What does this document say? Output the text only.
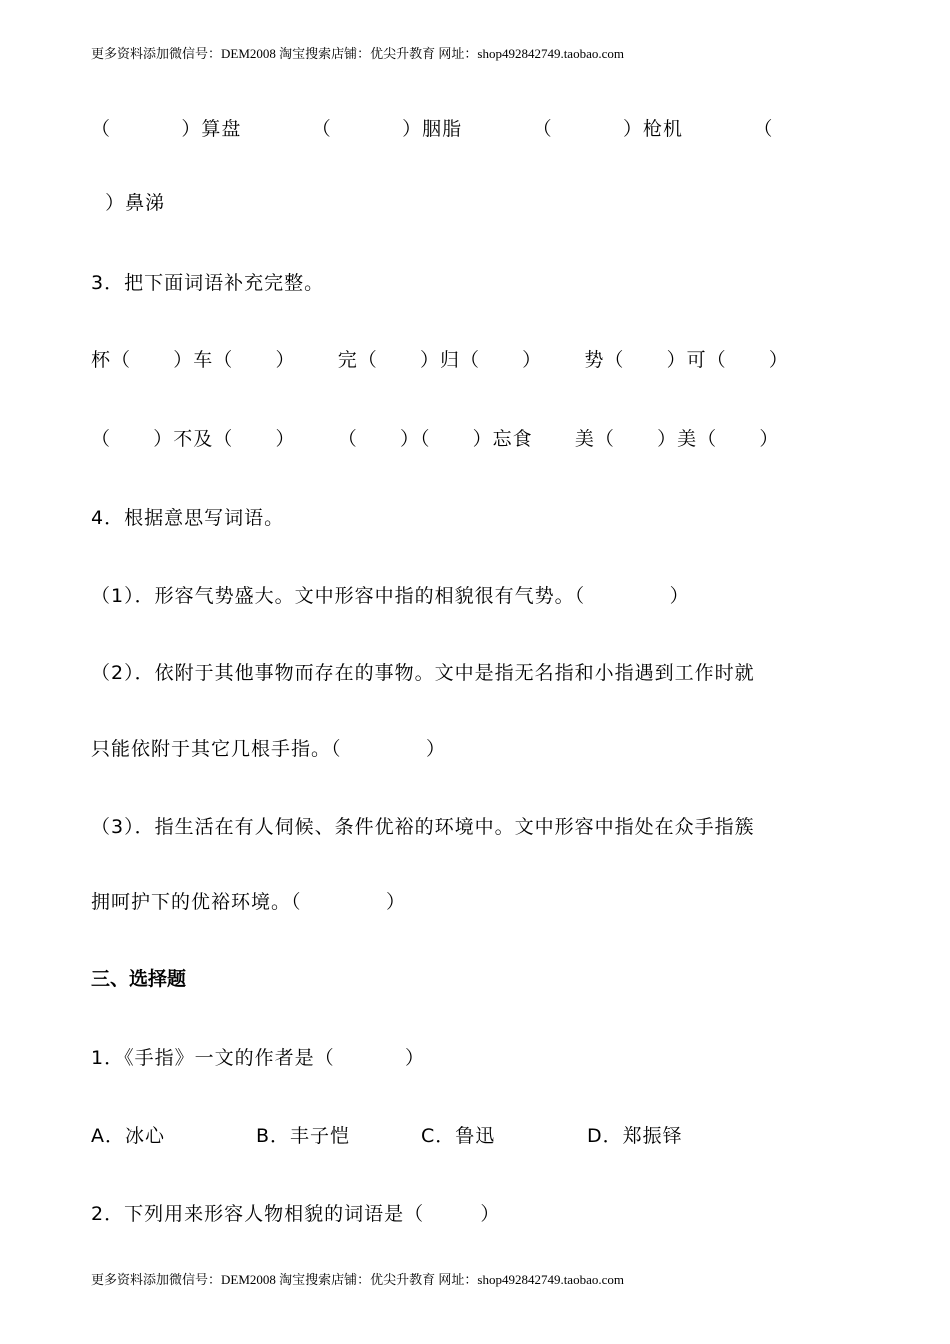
更多资料添加微信号：DEM2008 淘宝搜索店铺：优尖升教育 网址：shop492842749.taobao.com
（          ）算盘          （          ）胭脂          （          ）枪机          （
）鼻涕
3．把下面词语补充完整。
杯（      ）车（      ）      完（      ）归（      ）      势（      ）可（      ）
（      ）不及（      ）      （      ）（      ）忘食      美（      ）美（      ）
4．根据意思写词语。
（1）．形容气势盛大。文中形容中指的相貌很有气势。（            ）
（2）．依附于其他事物而存在的事物。文中是指无名指和小指遇到工作时就
只能依附于其它几根手指。（            ）
（3）．指生活在有人伺候、条件优裕的环境中。文中形容中指处在众手指簇
拥呵护下的优裕环境。（            ）
三、选择题
1．《手指》一文的作者是（          ）
A．冰心	B．丰子恺	C．鲁迅	D．郑振铎
2．下列用来形容人物相貌的词语是（        ）
更多资料添加微信号：DEM2008 淘宝搜索店铺：优尖升教育 网址：shop492842749.taobao.com
